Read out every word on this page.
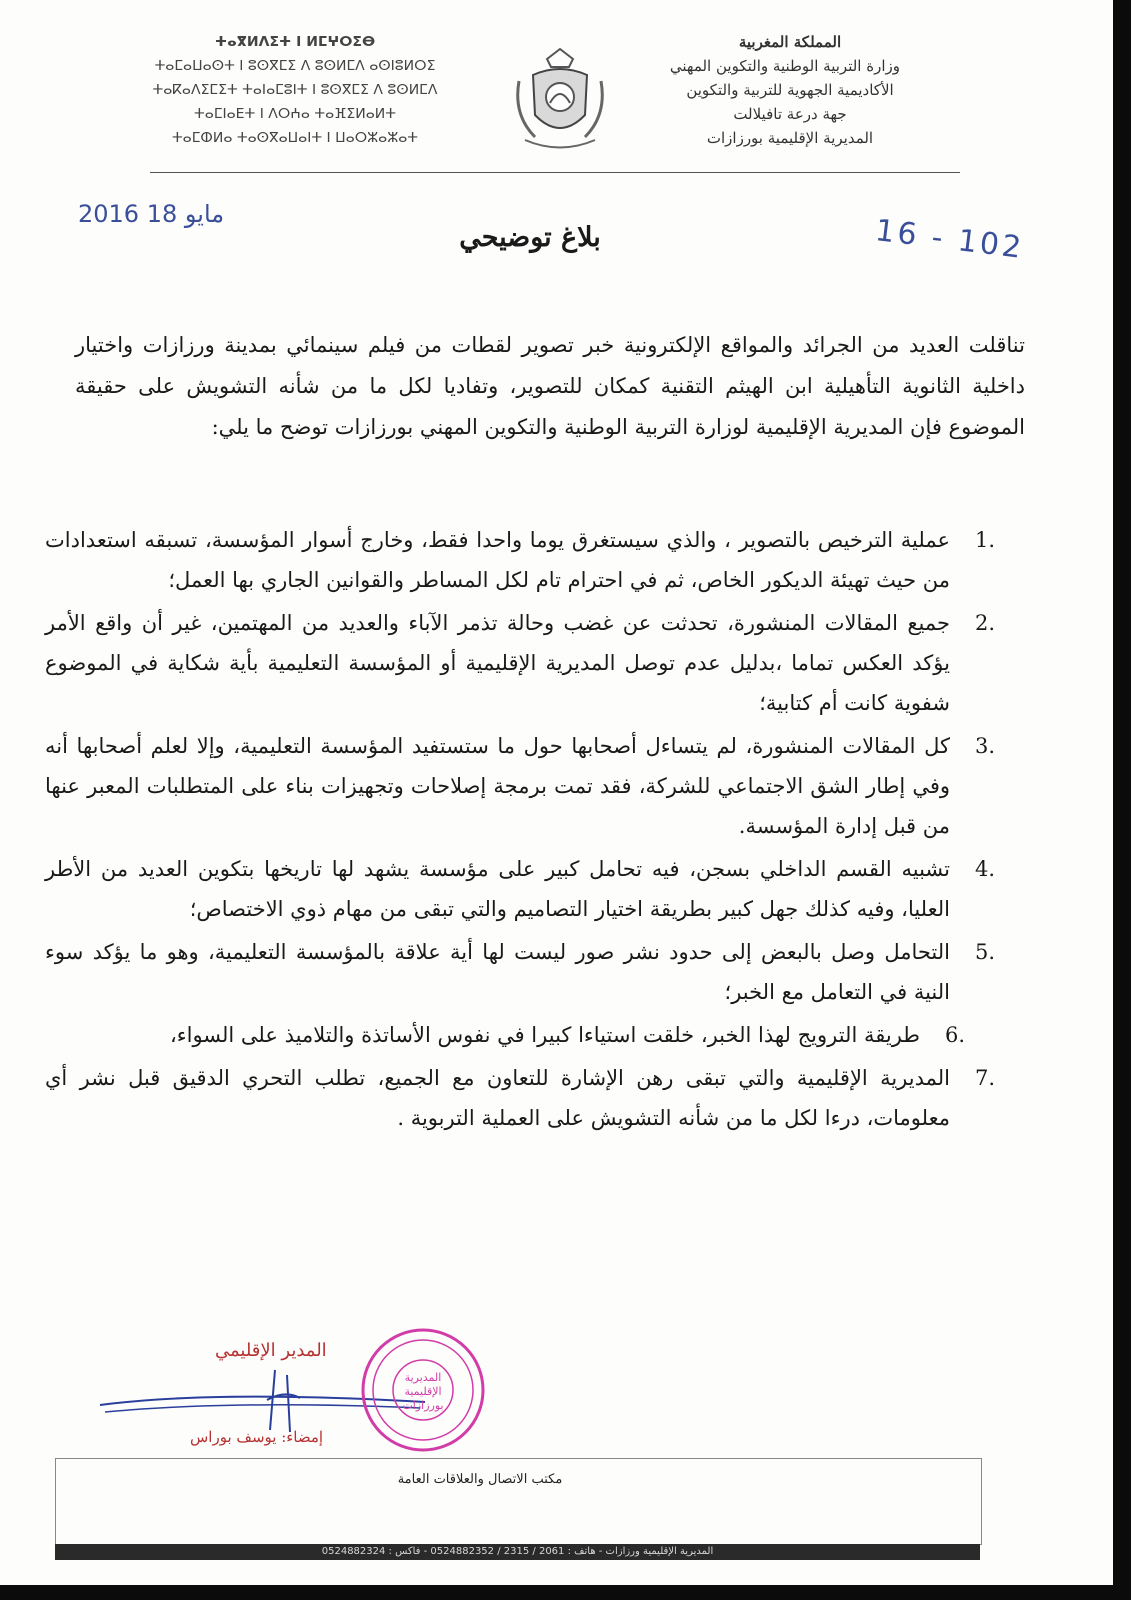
المملكة المغربية
وزارة التربية الوطنية والتكوين المهني
الأكاديمية الجهوية للتربية والتكوين
جهة درعة تافيلالت
المديرية الإقليمية بورزازات
ⵜⴰⴳⵍⴷⵉⵜ ⵏ ⵍⵎⵖⵔⵉⴱ
ⵜⴰⵎⴰⵡⴰⵙⵜ ⵏ ⵓⵙⴳⵎⵉ ⴷ ⵓⵙⵍⵎⴷ ⴰⵙⵏⵓⵍⵔⵉ
ⵜⴰⴽⴰⴷⵉⵎⵉⵜ ⵜⴰⵏⴰⵎⵓⵏⵜ ⵏ ⵓⵙⴳⵎⵉ ⴷ ⵓⵙⵍⵎⴷ
ⵜⴰⵎⵏⴰⴹⵜ ⵏ ⴷⵔⵄⴰ ⵜⴰⴼⵉⵍⴰⵍⵜ
ⵜⴰⵎⵀⵍⴰ ⵜⴰⵙⴳⴰⵡⴰⵏⵜ ⵏ ⵡⴰⵔⵣⴰⵣⴰⵜ
2016 مايو 18	16 - 102
بلاغ توضيحي
تناقلت العديد من الجرائد والمواقع الإلكترونية خبر تصوير لقطات من فيلم سينمائي بمدينة ورزازات واختيار داخلية الثانوية التأهيلية ابن الهيثم التقنية كمكان للتصوير، وتفاديا لكل ما من شأنه التشويش على حقيقة الموضوع فإن المديرية الإقليمية لوزارة التربية الوطنية والتكوين المهني بورزازات توضح ما يلي:
.1
عملية الترخيص بالتصوير ، والذي سيستغرق يوما واحدا فقط، وخارج أسوار المؤسسة، تسبقه استعدادات من حيث تهيئة الديكور الخاص، ثم في احترام تام لكل المساطر والقوانين الجاري بها العمل؛
.2
جميع المقالات المنشورة، تحدثت عن غضب وحالة تذمر الآباء والعديد من المهتمين، غير أن واقع الأمر يؤكد العكس تماما ،بدليل عدم توصل المديرية الإقليمية أو المؤسسة التعليمية بأية شكاية في الموضوع شفوية كانت أم كتابية؛
.3
كل المقالات المنشورة، لم يتساءل أصحابها حول ما ستستفيد المؤسسة التعليمية، وإلا لعلم أصحابها أنه وفي إطار الشق الاجتماعي للشركة، فقد تمت برمجة إصلاحات وتجهيزات بناء على المتطلبات المعبر عنها من قبل إدارة المؤسسة.
.4
تشبيه القسم الداخلي بسجن، فيه تحامل كبير على مؤسسة يشهد لها تاريخها بتكوين العديد من الأطر العليا، وفيه كذلك جهل كبير بطريقة اختيار التصاميم والتي تبقى من مهام ذوي الاختصاص؛
.5
التحامل وصل بالبعض إلى حدود نشر صور ليست لها أية علاقة بالمؤسسة التعليمية، وهو ما يؤكد سوء النية في التعامل مع الخبر؛
.6
طريقة الترويج لهذا الخبر، خلقت استياءا كبيرا في نفوس الأساتذة والتلاميذ على السواء،
.7
المديرية الإقليمية والتي تبقى رهن الإشارة للتعاون مع الجميع، تطلب التحري الدقيق قبل نشر أي معلومات، درءا لكل ما من شأنه التشويش على العملية التربوية .
المدير الإقليمي
المديرية
الإقليمية
بورزازات
إمضاء: يوسف بوراس
مكتب الاتصال والعلاقات العامة
المديرية الإقليمية ورزازات - هاتف : 2061 / 2315 / 0524882352 - فاكس : 0524882324
